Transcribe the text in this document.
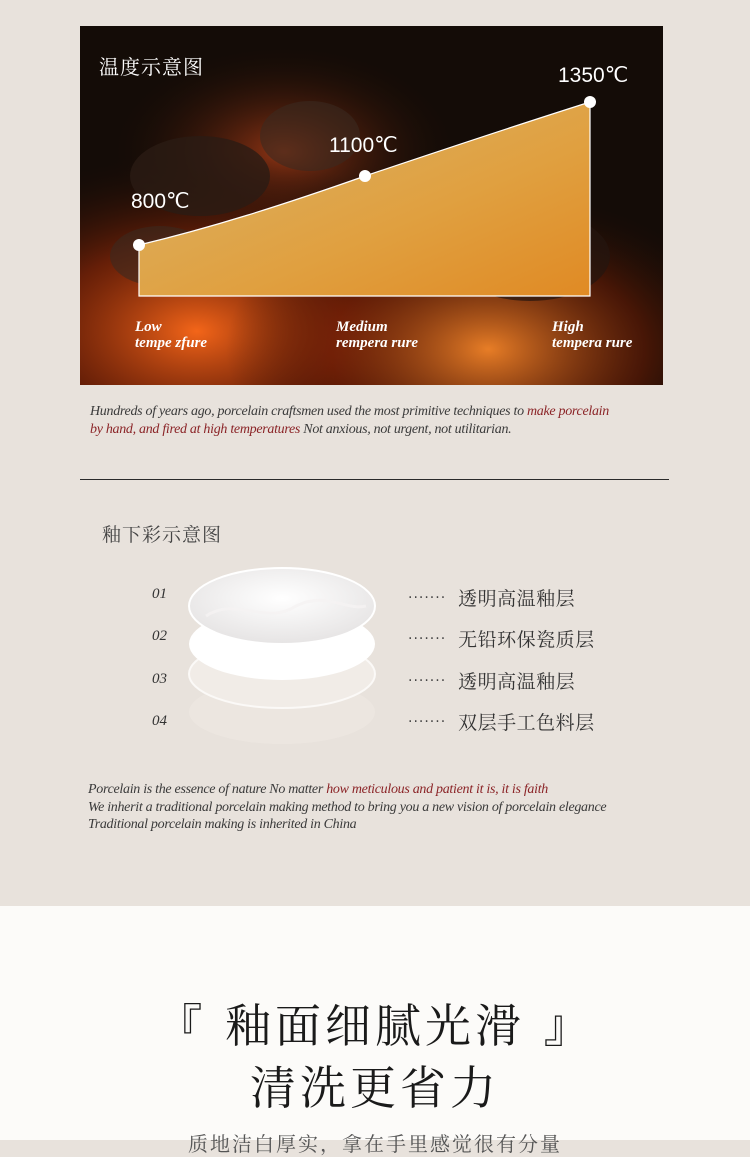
温度示意图
800℃
1100℃
1350℃
Low
tempe zfure
Medium
rempera rure
High
tempera rure
Hundreds of years ago, porcelain craftsmen used the most primitive techniques to make porcelain
by hand, and fired at high temperatures Not anxious, not urgent, not utilitarian.
釉下彩示意图
01
02
03
04
······· 透明高温釉层
······· 无铅环保瓷质层
······· 透明高温釉层
······· 双层手工色料层
Porcelain is the essence of nature No matter how meticulous and patient it is, it is faith
We inherit a traditional porcelain making method to bring you a new vision of porcelain elegance
Traditional porcelain making is inherited in China
『 釉面细腻光滑 』
清洗更省力
质地洁白厚实，拿在手里感觉很有分量
